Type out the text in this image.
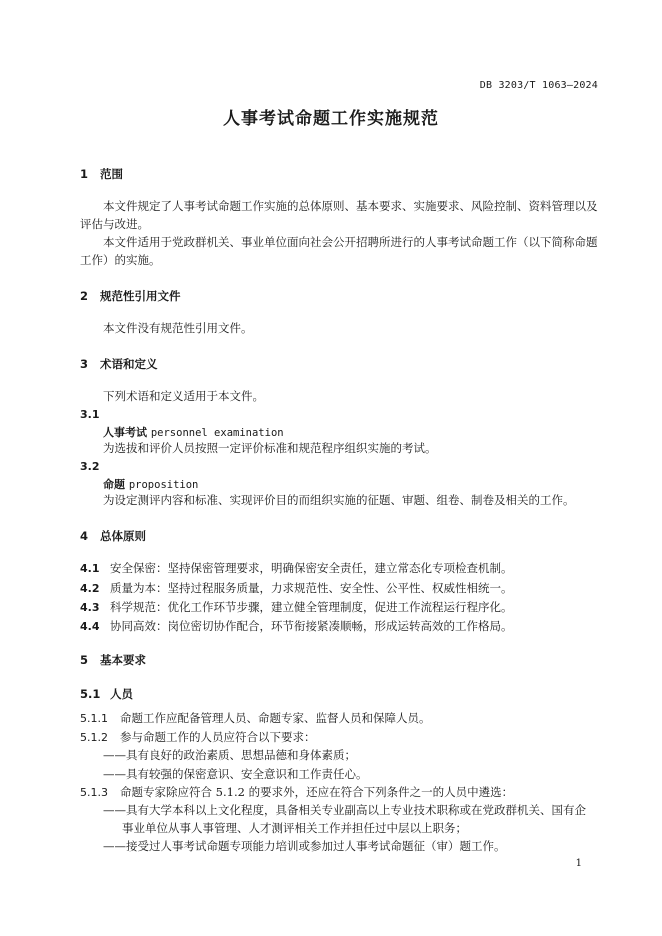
DB 3203/T 1063—2024
人事考试命题工作实施规范
1 范围
本文件规定了人事考试命题工作实施的总体原则、基本要求、实施要求、风险控制、资料管理以及
评估与改进。
本文件适用于党政群机关、事业单位面向社会公开招聘所进行的人事考试命题工作（以下简称命题
工作）的实施。
2 规范性引用文件
本文件没有规范性引用文件。
3 术语和定义
下列术语和定义适用于本文件。
3.1
人事考试 personnel examination
为选拔和评价人员按照一定评价标准和规范程序组织实施的考试。
3.2
命题 proposition
为设定测评内容和标准、实现评价目的而组织实施的征题、审题、组卷、制卷及相关的工作。
4 总体原则
4.1 安全保密：坚持保密管理要求，明确保密安全责任，建立常态化专项检查机制。
4.2 质量为本：坚持过程服务质量，力求规范性、安全性、公平性、权威性相统一。
4.3 科学规范：优化工作环节步骤，建立健全管理制度，促进工作流程运行程序化。
4.4 协同高效：岗位密切协作配合，环节衔接紧凑顺畅，形成运转高效的工作格局。
5 基本要求
5.1 人员
5.1.1 命题工作应配备管理人员、命题专家、监督人员和保障人员。
5.1.2 参与命题工作的人员应符合以下要求：
——具有良好的政治素质、思想品德和身体素质；
——具有较强的保密意识、安全意识和工作责任心。
5.1.3 命题专家除应符合 5.1.2 的要求外，还应在符合下列条件之一的人员中遴选：
——具有大学本科以上文化程度，具备相关专业副高以上专业技术职称或在党政群机关、国有企
事业单位从事人事管理、人才测评相关工作并担任过中层以上职务；
——接受过人事考试命题专项能力培训或参加过人事考试命题征（审）题工作。
1
